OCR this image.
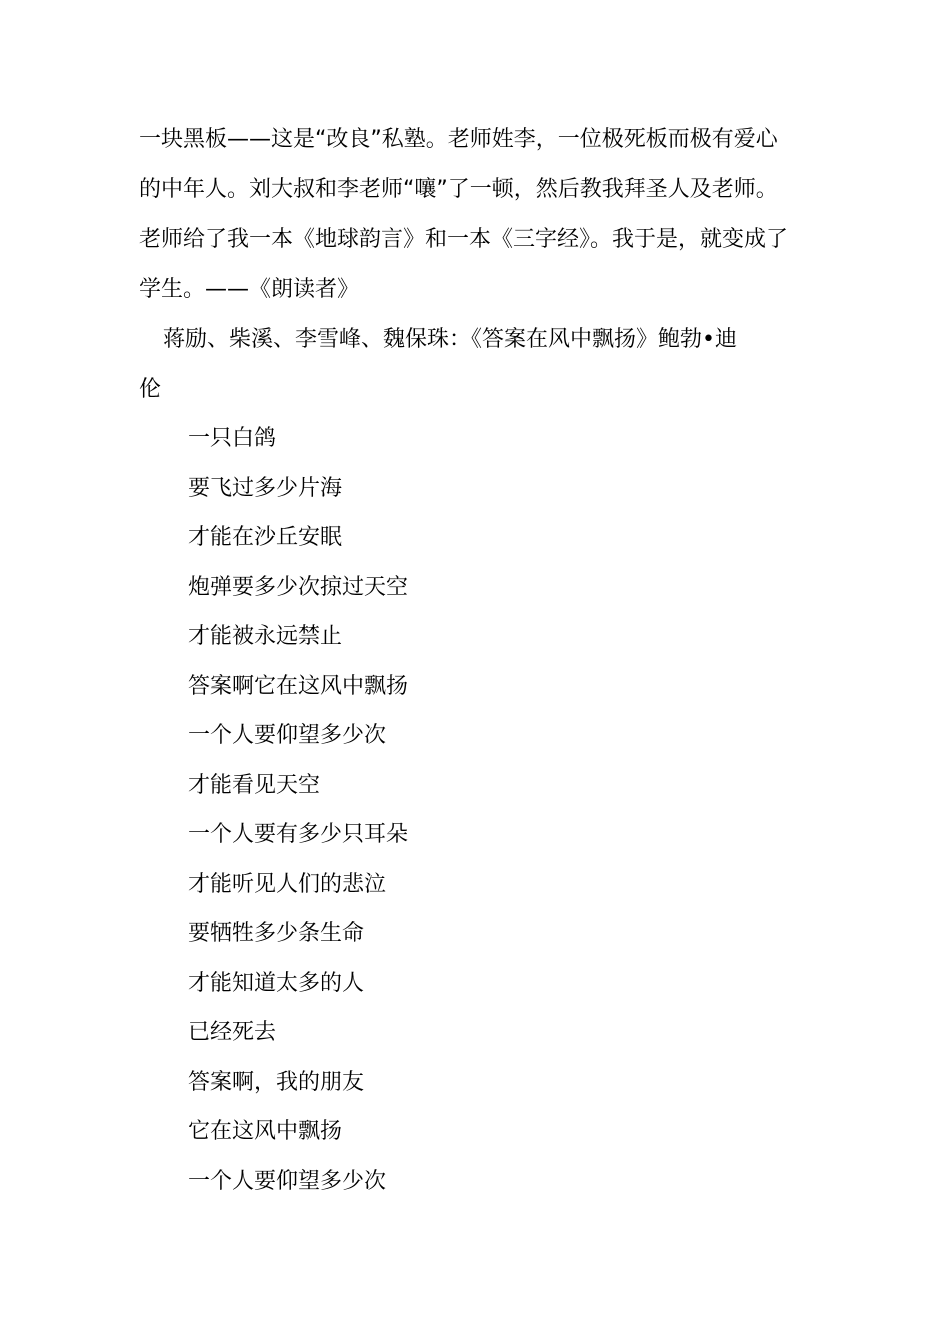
一块黑板——这是“改良”私塾。老师姓李，一位极死板而极有爱心
的中年人。刘大叔和李老师“嚷”了一顿，然后教我拜圣人及老师。
老师给了我一本《地球韵言》和一本《三字经》。我于是，就变成了
学生。——《朗读者》

蒋励、柴溪、李雪峰、魏保珠：《答案在风中飘扬》鲍勃•迪
伦

一只白鸽
要飞过多少片海
才能在沙丘安眠
炮弹要多少次掠过天空
才能被永远禁止
答案啊它在这风中飘扬
一个人要仰望多少次
才能看见天空
一个人要有多少只耳朵
才能听见人们的悲泣
要牺牲多少条生命
才能知道太多的人
已经死去
答案啊，我的朋友
它在这风中飘扬
一个人要仰望多少次
